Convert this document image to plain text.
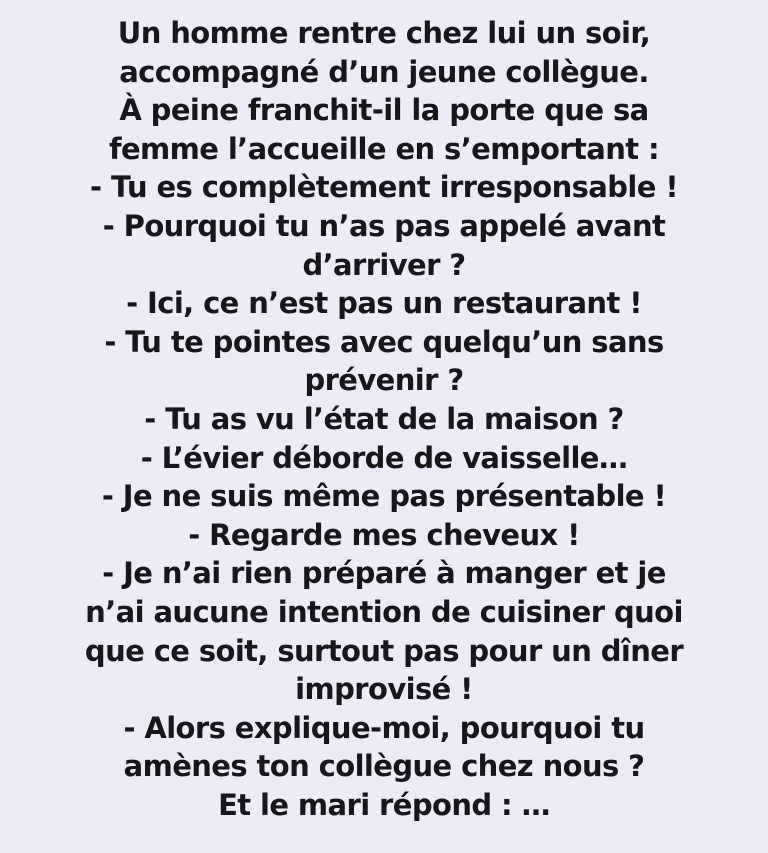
Un homme rentre chez lui un soir,
accompagné d’un jeune collègue.
À peine franchit-il la porte que sa
femme l’accueille en s’emportant :
- Tu es complètement irresponsable !
- Pourquoi tu n’as pas appelé avant
d’arriver ?
- Ici, ce n’est pas un restaurant !
- Tu te pointes avec quelqu’un sans
prévenir ?
- Tu as vu l’état de la maison ?
- L’évier déborde de vaisselle…
- Je ne suis même pas présentable !
- Regarde mes cheveux !
- Je n’ai rien préparé à manger et je
n’ai aucune intention de cuisiner quoi
que ce soit, surtout pas pour un dîner
improvisé !
- Alors explique-moi, pourquoi tu
amènes ton collègue chez nous ?
Et le mari répond : …
